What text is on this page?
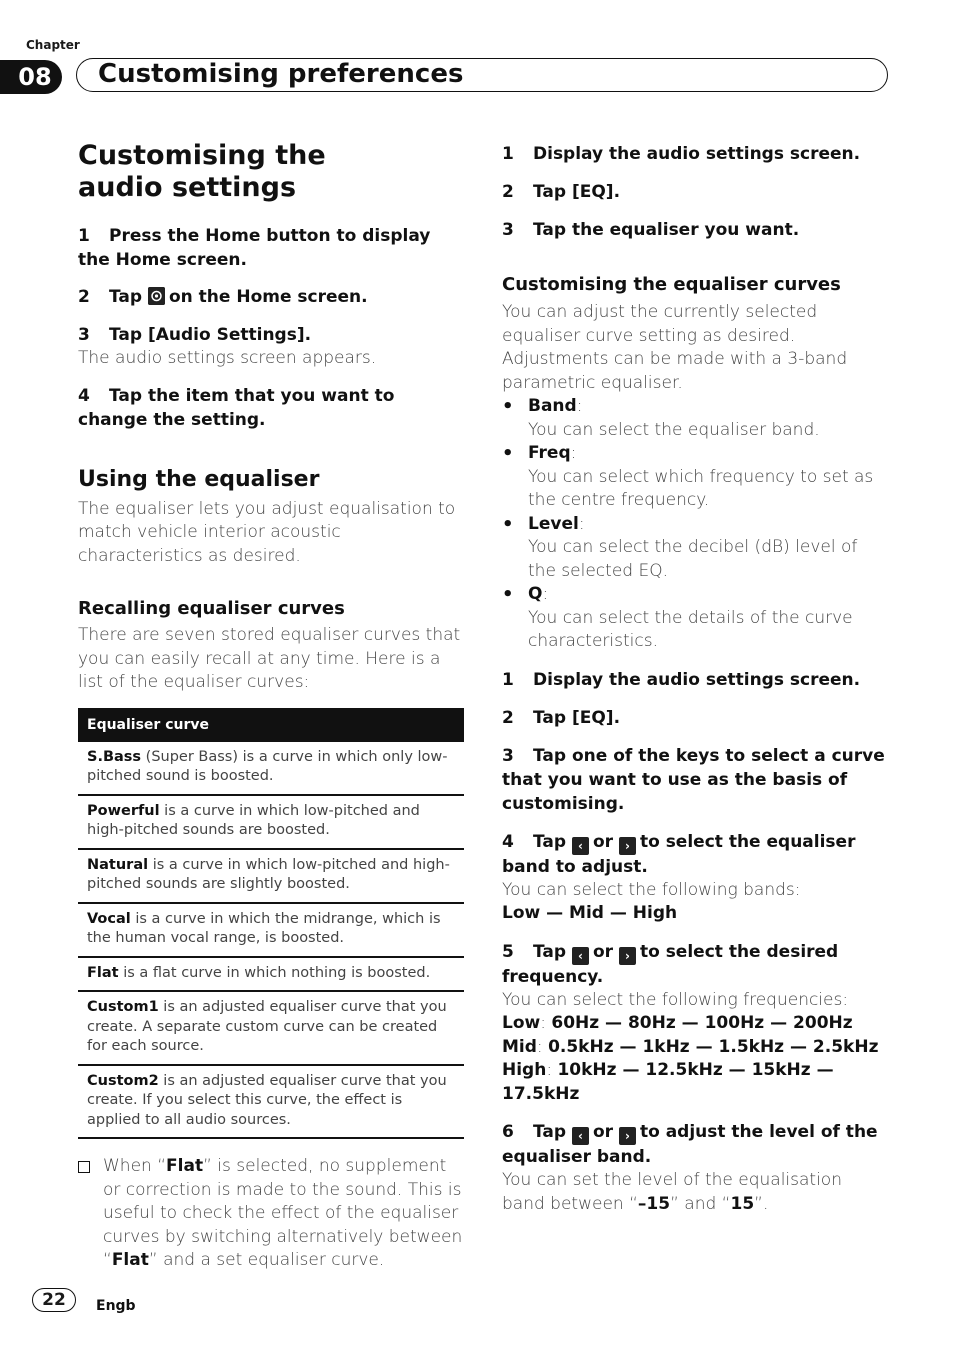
Chapter
08	Customising preferences
Customising the audio settings
1 Press the Home button to display the Home screen.
2 Tap on the Home screen.
3 Tap [Audio Settings].
The audio settings screen appears.
4 Tap the item that you want to change the setting.
Using the equaliser
The equaliser lets you adjust equalisation to match vehicle interior acoustic characteristics as desired.
Recalling equaliser curves
There are seven stored equaliser curves that you can easily recall at any time. Here is a list of the equaliser curves:
Equaliser curve
S.Bass (Super Bass) is a curve in which only low-pitched sound is boosted.
Powerful is a curve in which low-pitched and high-pitched sounds are boosted.
Natural is a curve in which low-pitched and high-pitched sounds are slightly boosted.
Vocal is a curve in which the midrange, which is the human vocal range, is boosted.
Flat is a flat curve in which nothing is boosted.
Custom1 is an adjusted equaliser curve that you create. A separate custom curve can be created for each source.
Custom2 is an adjusted equaliser curve that you create. If you select this curve, the effect is applied to all audio sources.
When “Flat” is selected, no supplement or correction is made to the sound. This is useful to check the effect of the equaliser curves by switching alternatively between “Flat” and a set equaliser curve.
1 Display the audio settings screen.
2 Tap [EQ].
3 Tap the equaliser you want.
Customising the equaliser curves
You can adjust the currently selected equaliser curve setting as desired. Adjustments can be made with a 3-band parametric equaliser.
• Band:
You can select the equaliser band.
• Freq:
You can select which frequency to set as the centre frequency.
• Level:
You can select the decibel (dB) level of the selected EQ.
• Q:
You can select the details of the curve characteristics.
1 Display the audio settings screen.
2 Tap [EQ].
3 Tap one of the keys to select a curve that you want to use as the basis of customising.
4 Tap ‹ or › to select the equaliser band to adjust.
You can select the following bands:
Low — Mid — High
5 Tap ‹ or › to select the desired frequency.
You can select the following frequencies:
Low: 60Hz — 80Hz — 100Hz — 200Hz
Mid: 0.5kHz — 1kHz — 1.5kHz — 2.5kHz
High: 10kHz — 12.5kHz — 15kHz — 17.5kHz
6 Tap ‹ or › to adjust the level of the equaliser band.
You can set the level of the equalisation band between “–15” and “15”.
22	Engb
